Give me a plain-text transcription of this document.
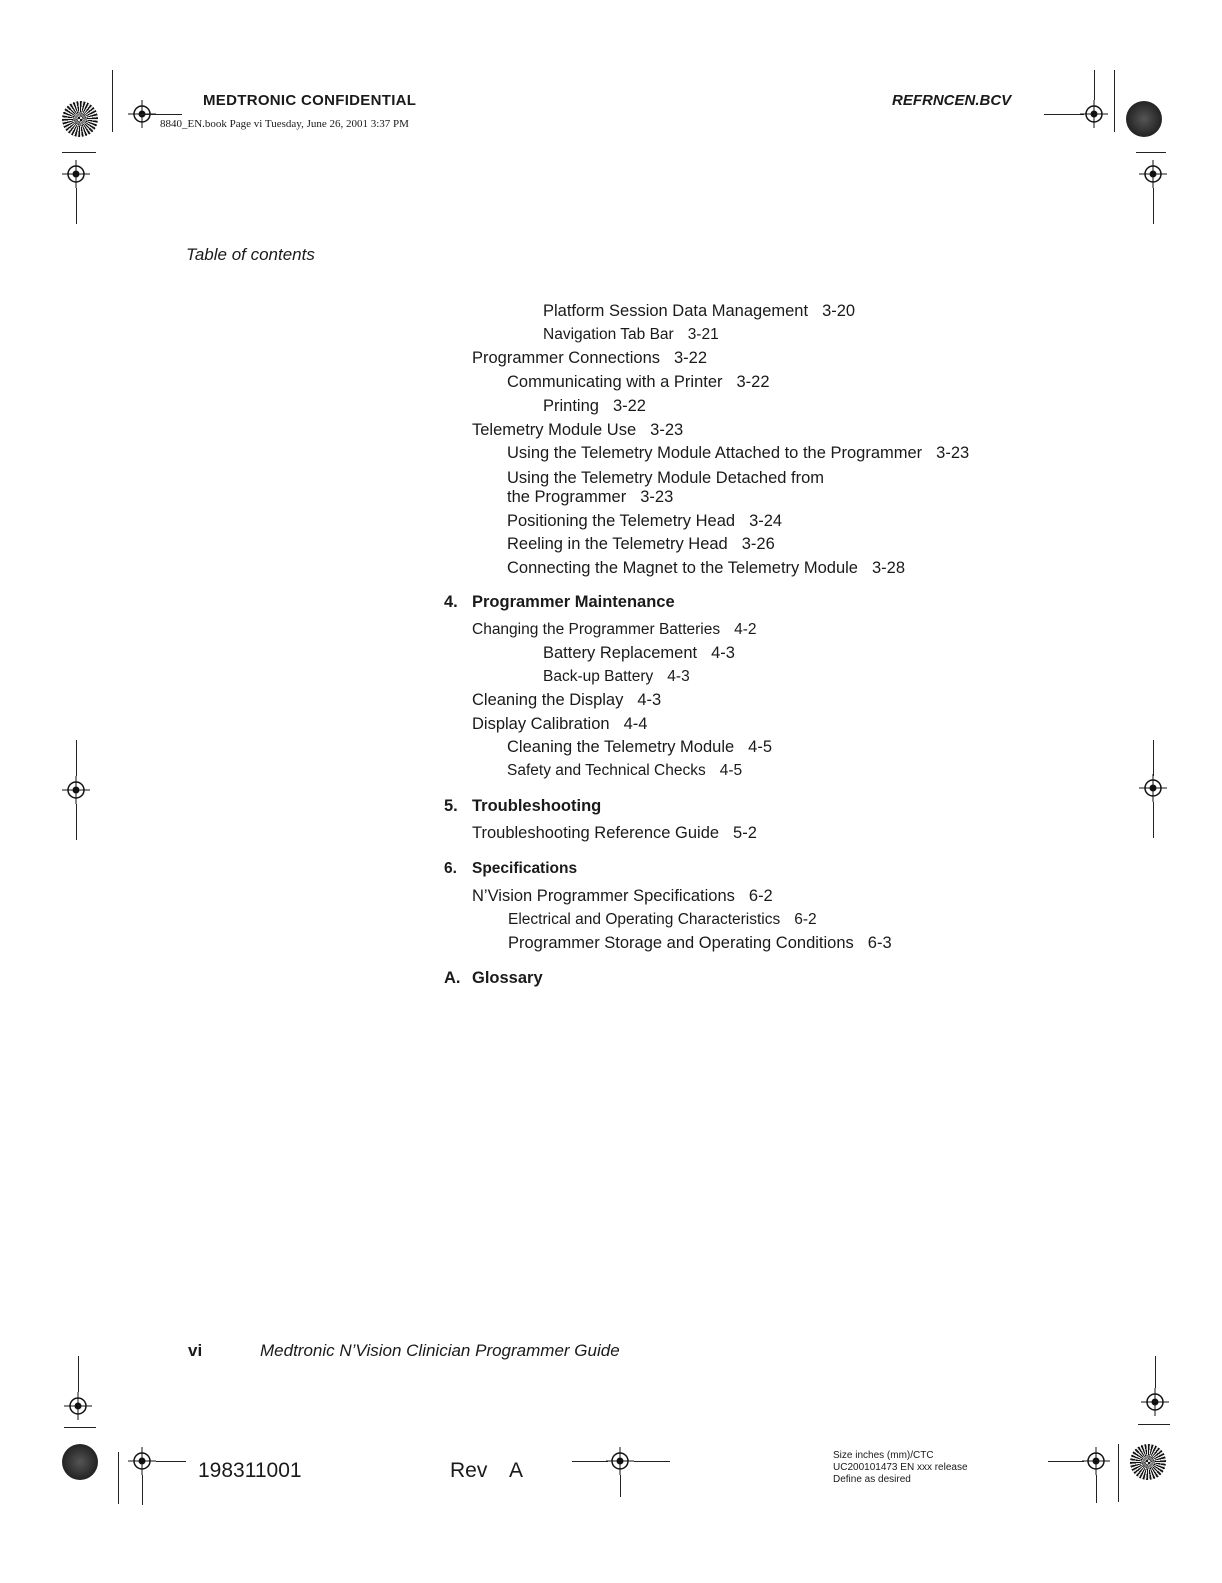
MEDTRONIC CONFIDENTIAL
8840_EN.book Page vi Tuesday, June 26, 2001 3:37 PM
REFRNCEN.BCV
Table of contents
Platform Session Data Management 3-20
Navigation Tab Bar 3-21
Programmer Connections 3-22
Communicating with a Printer 3-22
Printing 3-22
Telemetry Module Use 3-23
Using the Telemetry Module Attached to the Programmer 3-23
Using the Telemetry Module Detached from
the Programmer 3-23
Positioning the Telemetry Head 3-24
Reeling in the Telemetry Head 3-26
Connecting the Magnet to the Telemetry Module 3-28
4. Programmer Maintenance
Changing the Programmer Batteries 4-2
Battery Replacement 4-3
Back-up Battery 4-3
Cleaning the Display 4-3
Display Calibration 4-4
Cleaning the Telemetry Module 4-5
Safety and Technical Checks 4-5
5. Troubleshooting
Troubleshooting Reference Guide 5-2
6. Specifications
N’Vision Programmer Specifications 6-2
Electrical and Operating Characteristics 6-2
Programmer Storage and Operating Conditions 6-3
A. Glossary
vi	Medtronic N’Vision Clinician Programmer Guide
198311001	Rev A
Size inches (mm)/CTC
UC200101473 EN xxx release
Define as desired
